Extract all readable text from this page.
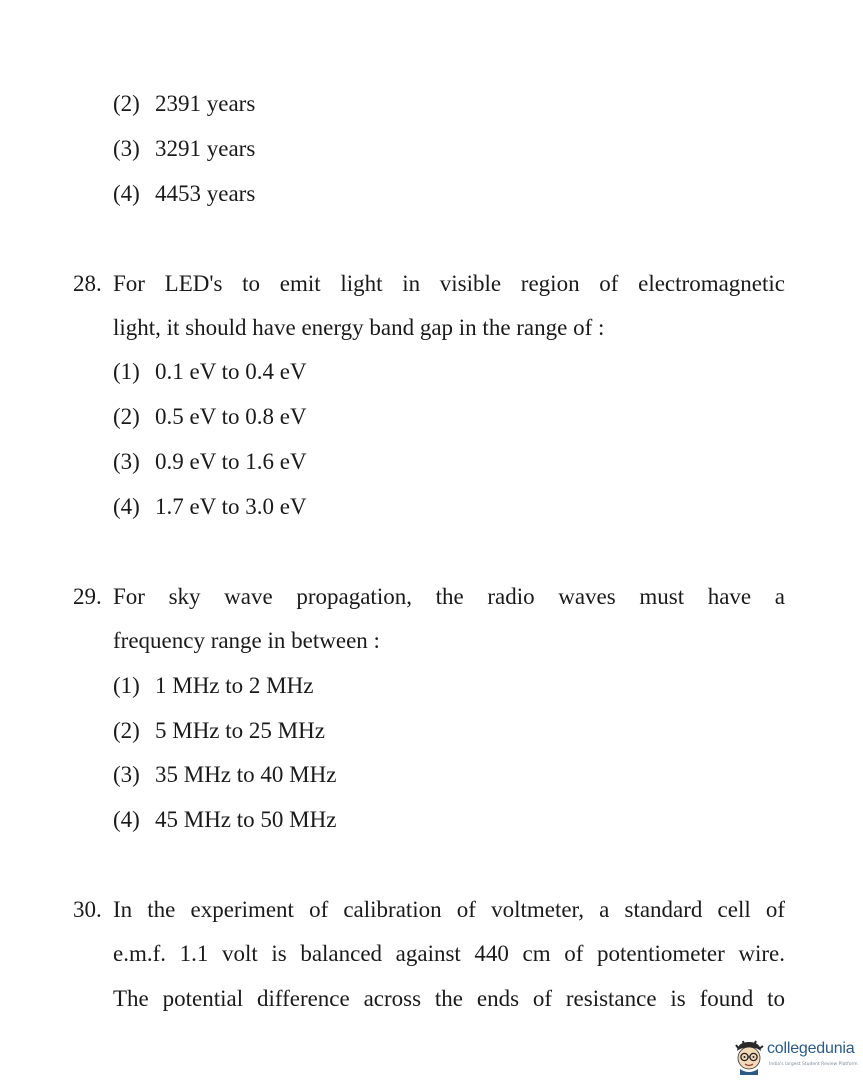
(2) 2391 years
(3) 3291 years
(4) 4453 years
28. For LED's to emit light in visible region of electromagnetic
light, it should have energy band gap in the range of :
(1) 0.1 eV to 0.4 eV
(2) 0.5 eV to 0.8 eV
(3) 0.9 eV to 1.6 eV
(4) 1.7 eV to 3.0 eV
29. For sky wave propagation, the radio waves must have a
frequency range in between :
(1) 1 MHz to 2 MHz
(2) 5 MHz to 25 MHz
(3) 35 MHz to 40 MHz
(4) 45 MHz to 50 MHz
30. In the experiment of calibration of voltmeter, a standard cell of
e.m.f. 1.1 volt is balanced against 440 cm of potentiometer wire.
The potential difference across the ends of resistance is found to
collegedunia
India's largest Student Review Platform
